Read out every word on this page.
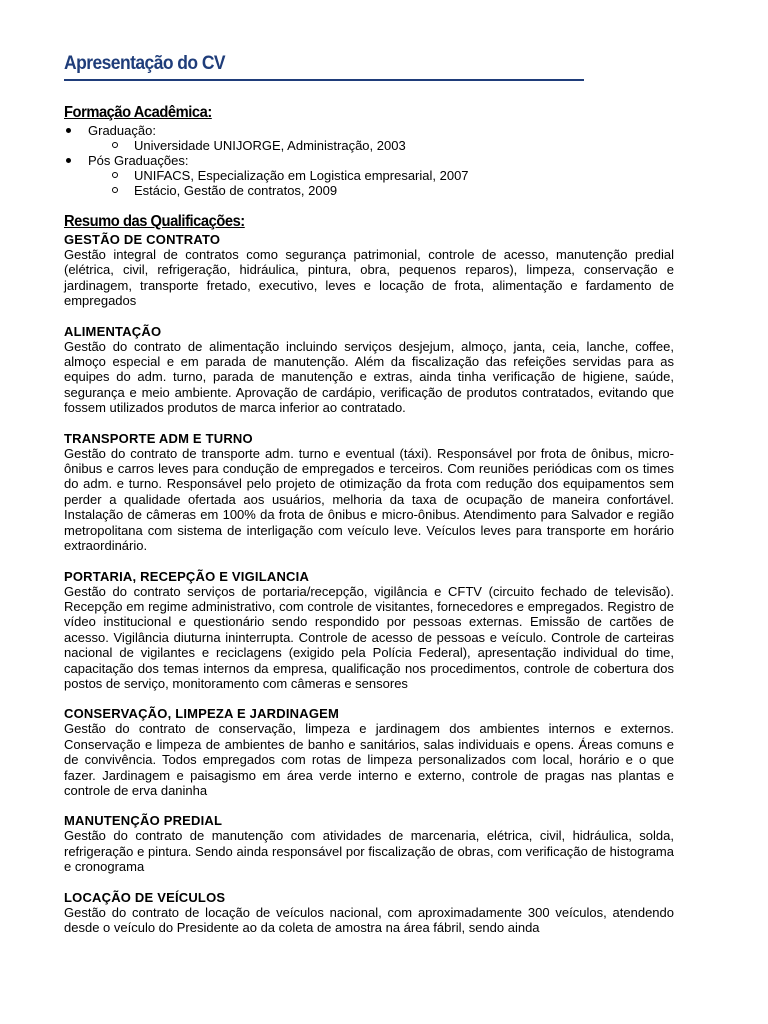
Apresentação do CV
Formação Acadêmica:
Graduação:
Universidade UNIJORGE, Administração, 2003
Pós Graduações:
UNIFACS, Especialização em Logistica empresarial, 2007
Estácio, Gestão de contratos, 2009
Resumo das Qualificações:
GESTÃO DE CONTRATO

Gestão integral de contratos como segurança patrimonial, controle de acesso, manutenção predial (elétrica, civil, refrigeração, hidráulica, pintura, obra, pequenos reparos), limpeza, conservação e jardinagem, transporte fretado, executivo, leves e locação de frota, alimentação e fardamento de empregados

ALIMENTAÇÃO

Gestão do contrato de alimentação incluindo serviços desjejum, almoço, janta, ceia, lanche, coffee, almoço especial e em parada de manutenção. Além da fiscalização das refeições servidas para as equipes do adm. turno, parada de manutenção e extras, ainda tinha verificação de higiene, saúde, segurança e meio ambiente. Aprovação de cardápio, verificação de produtos contratados, evitando que fossem utilizados produtos de marca inferior ao contratado.

TRANSPORTE ADM E TURNO

Gestão do contrato de transporte adm. turno e eventual (táxi). Responsável por frota de ônibus, micro-ônibus e carros leves para condução de empregados e terceiros. Com reuniões periódicas com os times do adm. e turno. Responsável pelo projeto de otimização da frota com redução dos equipamentos sem perder a qualidade ofertada aos usuários, melhoria da taxa de ocupação de maneira confortável. Instalação de câmeras em 100% da frota de ônibus e micro-ônibus. Atendimento para Salvador e região metropolitana com sistema de interligação com veículo leve. Veículos leves para transporte em horário extraordinário.

PORTARIA, RECEPÇÃO E VIGILANCIA

Gestão do contrato serviços de portaria/recepção, vigilância e CFTV (circuito fechado de televisão). Recepção em regime administrativo, com controle de visitantes, fornecedores e empregados. Registro de vídeo institucional e questionário sendo respondido por pessoas externas. Emissão de cartões de acesso. Vigilância diuturna ininterrupta. Controle de acesso de pessoas e veículo. Controle de carteiras nacional de vigilantes e reciclagens (exigido pela Polícia Federal), apresentação individual do time, capacitação dos temas internos da empresa, qualificação nos procedimentos, controle de cobertura dos postos de serviço, monitoramento com câmeras e sensores

CONSERVAÇÃO, LIMPEZA E JARDINAGEM

Gestão do contrato de conservação, limpeza e jardinagem dos ambientes internos e externos. Conservação e limpeza de ambientes de banho e sanitários, salas individuais e opens. Áreas comuns e de convivência. Todos empregados com rotas de limpeza personalizados com local, horário e o que fazer. Jardinagem e paisagismo em área verde interno e externo, controle de pragas nas plantas e controle de erva daninha

MANUTENÇÃO PREDIAL

Gestão do contrato de manutenção com atividades de marcenaria, elétrica, civil, hidráulica, solda, refrigeração e pintura. Sendo ainda responsável por fiscalização de obras, com verificação de histograma e cronograma

LOCAÇÃO DE VEÍCULOS

Gestão do contrato de locação de veículos nacional, com aproximadamente 300 veículos, atendendo desde o veículo do Presidente ao da coleta de amostra na área fábril, sendo ainda
